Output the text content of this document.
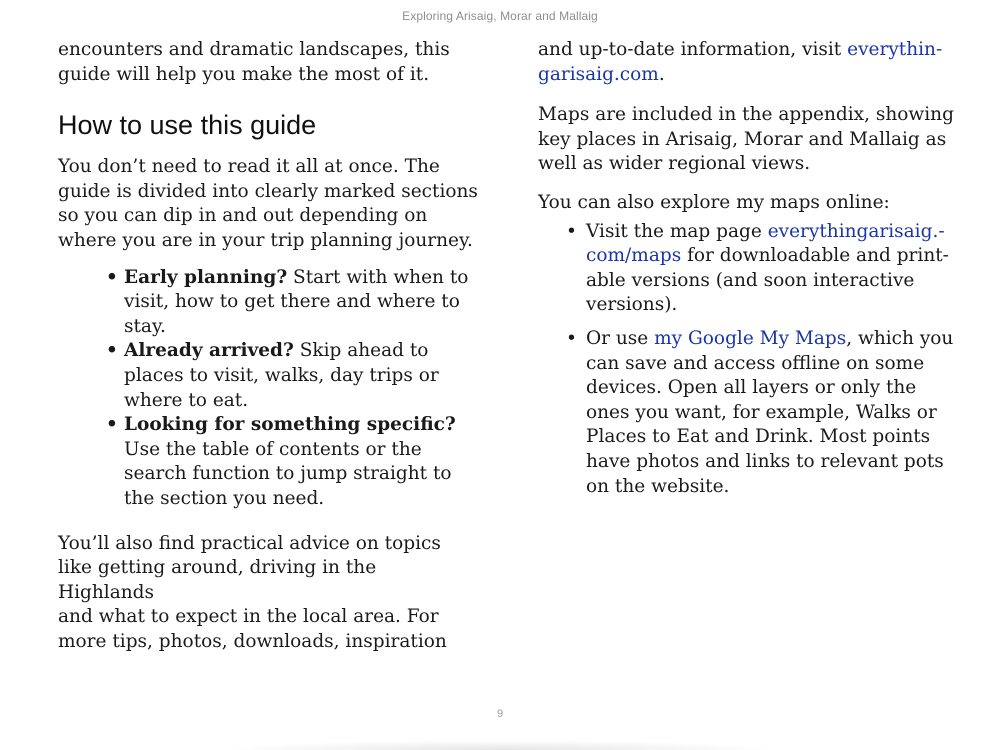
Exploring Arisaig, Morar and Mallaig

encounters and dramatic landscapes, this
guide will help you make the most of it.

How to use this guide

You don’t need to read it all at once. The
guide is divided into clearly marked sections
so you can dip in and out depending on
where you are in your trip planning journey.

• Early planning? Start with when to
visit, how to get there and where to
stay.
• Already arrived? Skip ahead to
places to visit, walks, day trips or
where to eat.
• Looking for something specific?
Use the table of contents or the
search function to jump straight to
the section you need.

You’ll also find practical advice on topics
like getting around, driving in the Highlands
and what to expect in the local area. For
more tips, photos, downloads, inspiration

and up-to-date information, visit everythin-
garisaig.com.

Maps are included in the appendix, showing
key places in Arisaig, Morar and Mallaig as
well as wider regional views.

You can also explore my maps online:

• Visit the map page everythingarisaig.-
com/maps for downloadable and print-
able versions (and soon interactive
versions).
• Or use my Google My Maps, which you
can save and access offline on some
devices. Open all layers or only the
ones you want, for example, Walks or
Places to Eat and Drink. Most points
have photos and links to relevant pots
on the website.
9
